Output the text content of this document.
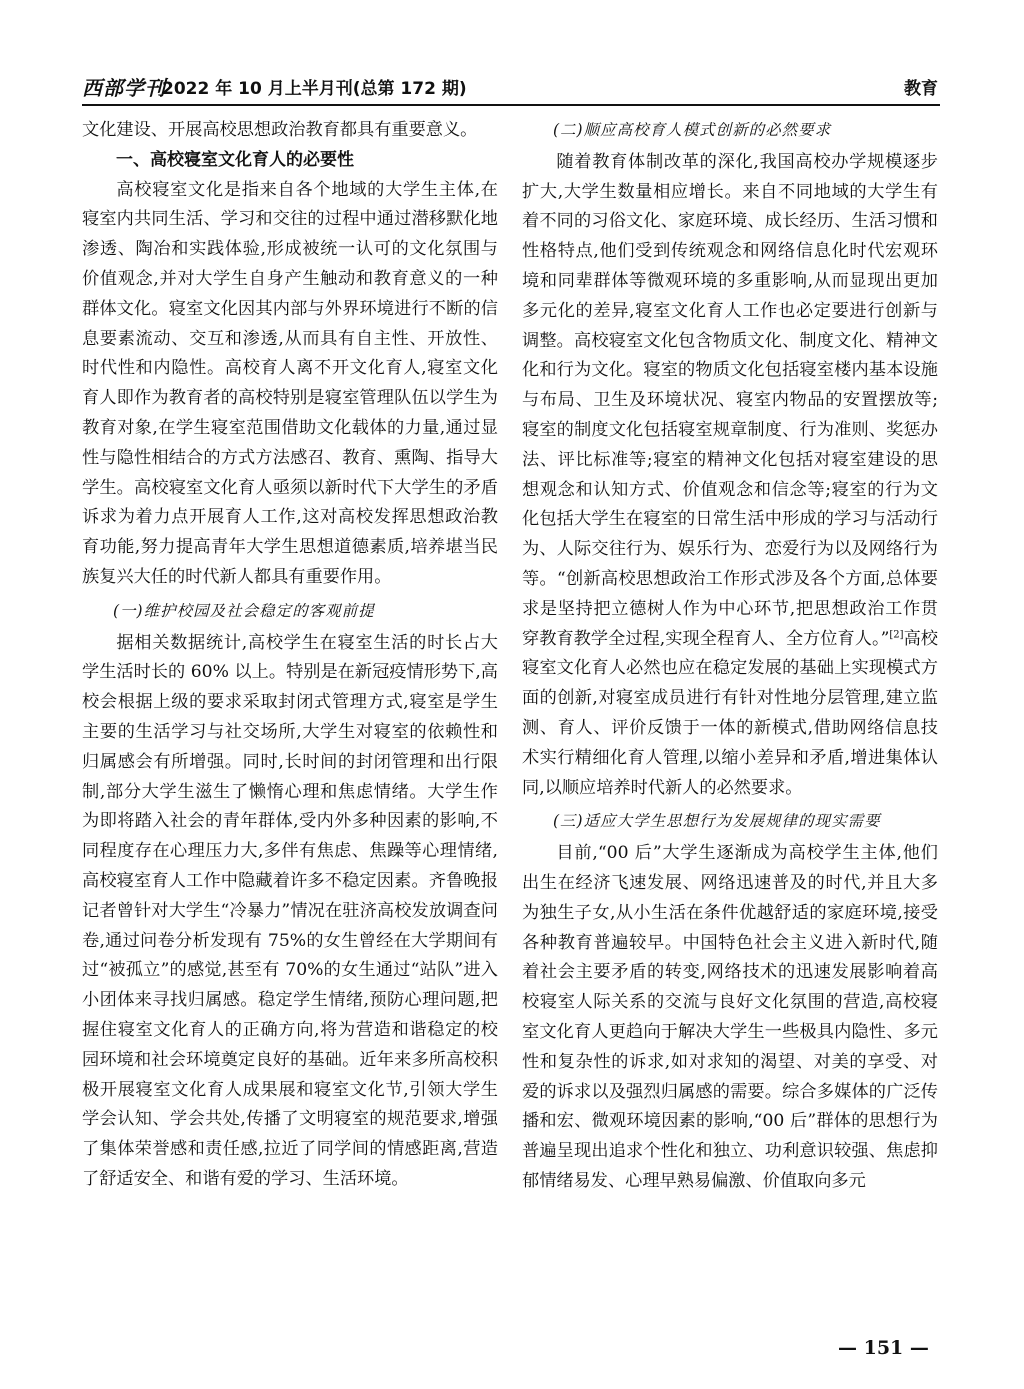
西部学刊
2022 年 10 月上半月刊(总第 172 期)	教育

文化建设、开展高校思想政治教育都具有重要意义。

一、高校寝室文化育人的必要性

高校寝室文化是指来自各个地域的大学生主体,在寝室内共同生活、学习和交往的过程中通过潜移默化地渗透、陶冶和实践体验,形成被统一认可的文化氛围与价值观念,并对大学生自身产生触动和教育意义的一种群体文化。寝室文化因其内部与外界环境进行不断的信息要素流动、交互和渗透,从而具有自主性、开放性、时代性和内隐性。高校育人离不开文化育人,寝室文化育人即作为教育者的高校特别是寝室管理队伍以学生为教育对象,在学生寝室范围借助文化载体的力量,通过显性与隐性相结合的方式方法感召、教育、熏陶、指导大学生。高校寝室文化育人亟须以新时代下大学生的矛盾诉求为着力点开展育人工作,这对高校发挥思想政治教育功能,努力提高青年大学生思想道德素质,培养堪当民族复兴大任的时代新人都具有重要作用。

(一)维护校园及社会稳定的客观前提

据相关数据统计,高校学生在寝室生活的时长占大学生活时长的 60% 以上。特别是在新冠疫情形势下,高校会根据上级的要求采取封闭式管理方式,寝室是学生主要的生活学习与社交场所,大学生对寝室的依赖性和归属感会有所增强。同时,长时间的封闭管理和出行限制,部分大学生滋生了懒惰心理和焦虑情绪。大学生作为即将踏入社会的青年群体,受内外多种因素的影响,不同程度存在心理压力大,多伴有焦虑、焦躁等心理情绪,高校寝室育人工作中隐藏着许多不稳定因素。齐鲁晚报记者曾针对大学生“冷暴力”情况在驻济高校发放调查问卷,通过问卷分析发现有 75%的女生曾经在大学期间有过“被孤立”的感觉,甚至有 70%的女生通过“站队”进入小团体来寻找归属感。稳定学生情绪,预防心理问题,把握住寝室文化育人的正确方向,将为营造和谐稳定的校园环境和社会环境奠定良好的基础。近年来多所高校积极开展寝室文化育人成果展和寝室文化节,引领大学生学会认知、学会共处,传播了文明寝室的规范要求,增强了集体荣誉感和责任感,拉近了同学间的情感距离,营造了舒适安全、和谐有爱的学习、生活环境。

(二)顺应高校育人模式创新的必然要求

随着教育体制改革的深化,我国高校办学规模逐步扩大,大学生数量相应增长。来自不同地域的大学生有着不同的习俗文化、家庭环境、成长经历、生活习惯和性格特点,他们受到传统观念和网络信息化时代宏观环境和同辈群体等微观环境的多重影响,从而显现出更加多元化的差异,寝室文化育人工作也必定要进行创新与调整。高校寝室文化包含物质文化、制度文化、精神文化和行为文化。寝室的物质文化包括寝室楼内基本设施与布局、卫生及环境状况、寝室内物品的安置摆放等;寝室的制度文化包括寝室规章制度、行为准则、奖惩办法、评比标准等;寝室的精神文化包括对寝室建设的思想观念和认知方式、价值观念和信念等;寝室的行为文化包括大学生在寝室的日常生活中形成的学习与活动行为、人际交往行为、娱乐行为、恋爱行为以及网络行为等。“创新高校思想政治工作形式涉及各个方面,总体要求是坚持把立德树人作为中心环节,把思想政治工作贯穿教育教学全过程,实现全程育人、全方位育人。”[2]高校寝室文化育人必然也应在稳定发展的基础上实现模式方面的创新,对寝室成员进行有针对性地分层管理,建立监测、育人、评价反馈于一体的新模式,借助网络信息技术实行精细化育人管理,以缩小差异和矛盾,增进集体认同,以顺应培养时代新人的必然要求。

(三)适应大学生思想行为发展规律的现实需要

目前,“00 后”大学生逐渐成为高校学生主体,他们出生在经济飞速发展、网络迅速普及的时代,并且大多为独生子女,从小生活在条件优越舒适的家庭环境,接受各种教育普遍较早。中国特色社会主义进入新时代,随着社会主要矛盾的转变,网络技术的迅速发展影响着高校寝室人际关系的交流与良好文化氛围的营造,高校寝室文化育人更趋向于解决大学生一些极具内隐性、多元性和复杂性的诉求,如对求知的渴望、对美的享受、对爱的诉求以及强烈归属感的需要。综合多媒体的广泛传播和宏、微观环境因素的影响,“00 后”群体的思想行为普遍呈现出追求个性化和独立、功利意识较强、焦虑抑郁情绪易发、心理早熟易偏激、价值取向多元

— 151 —
